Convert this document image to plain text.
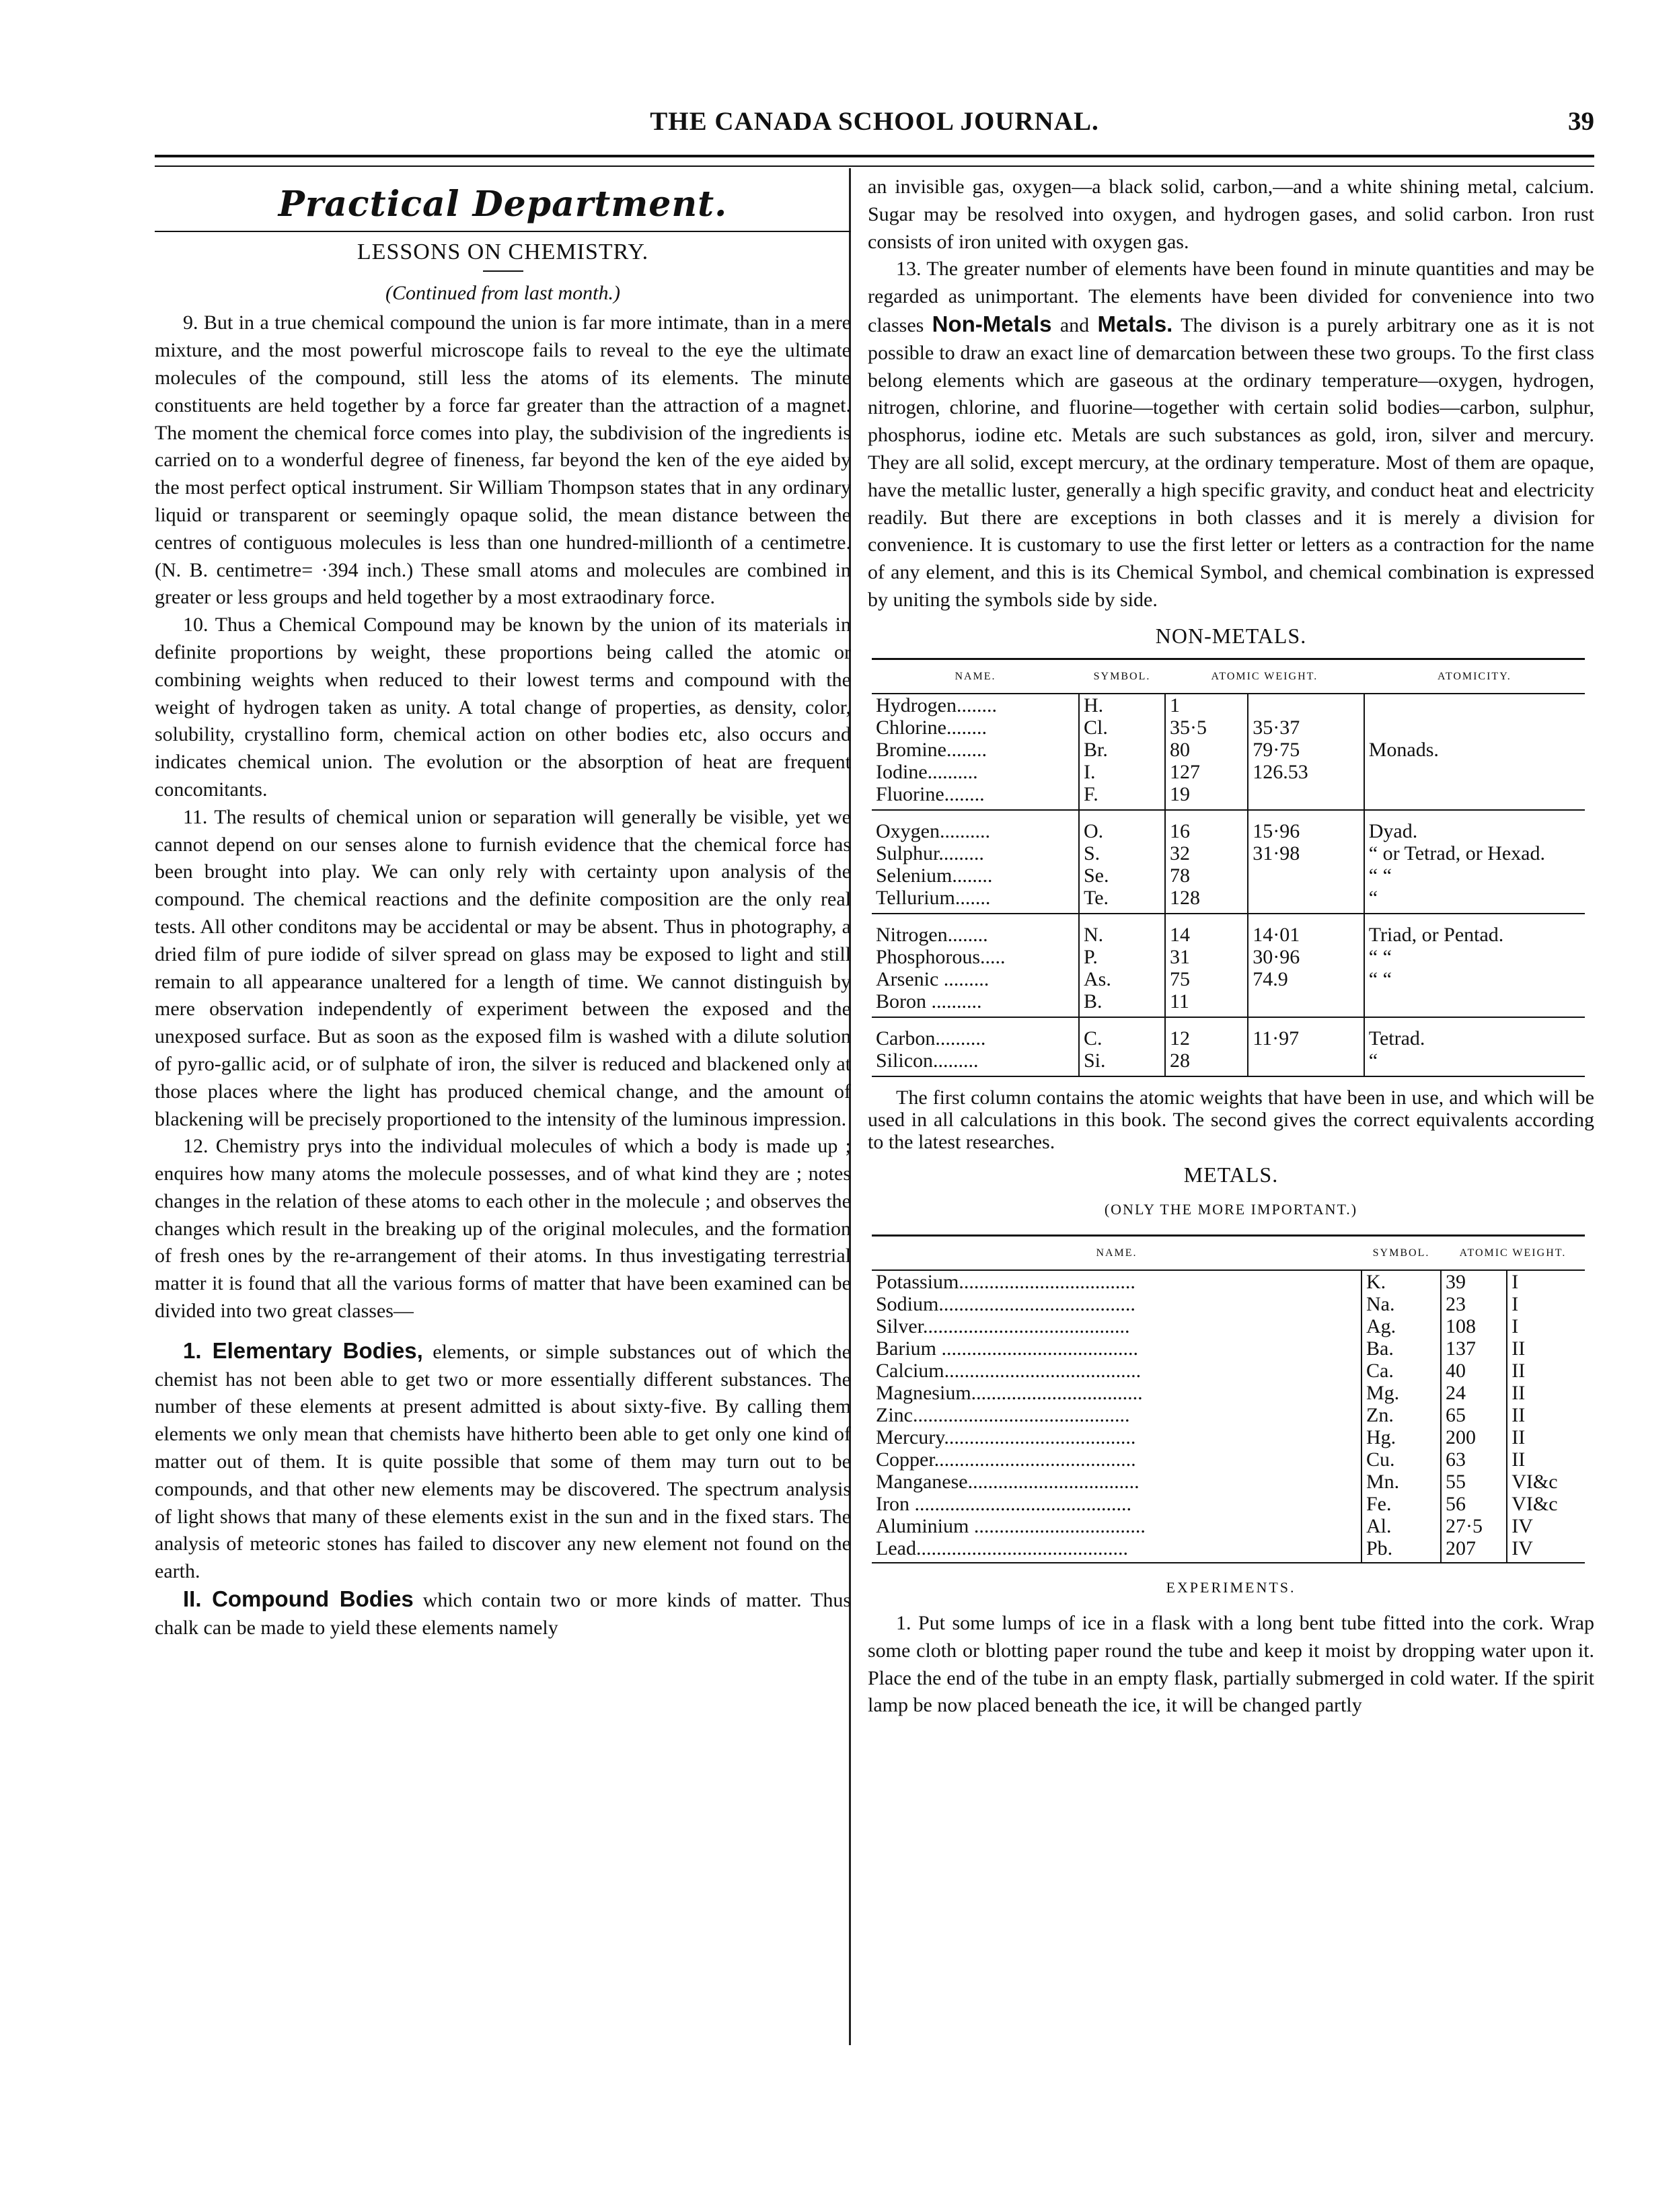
THE CANADA SCHOOL JOURNAL.	39
Practical Department.
LESSONS ON CHEMISTRY.
(Continued from last month.)

9. But in a true chemical compound the union is far more intimate, than in a mere mixture, and the most powerful microscope fails to reveal to the eye the ultimate molecules of the compound, still less the atoms of its elements. The minute constituents are held together by a force far greater than the attraction of a magnet. The moment the chemical force comes into play, the subdivision of the ingredients is carried on to a wonderful degree of fineness, far beyond the ken of the eye aided by the most perfect optical instrument. Sir William Thompson states that in any ordinary liquid or transparent or seemingly opaque solid, the mean distance between the centres of contiguous molecules is less than one hundred-millionth of a centimetre. (N. B. centimetre= ·394 inch.) These small atoms and molecules are combined in greater or less groups and held together by a most extraodinary force.

10. Thus a Chemical Compound may be known by the union of its materials in definite proportions by weight, these proportions being called the atomic or combining weights when reduced to their lowest terms and compound with the weight of hydrogen taken as unity. A total change of properties, as density, color, solubility, crystallino form, chemical action on other bodies etc, also occurs and indicates chemical union. The evolution or the absorption of heat are frequent concomitants.

11. The results of chemical union or separation will generally be visible, yet we cannot depend on our senses alone to furnish evidence that the chemical force has been brought into play. We can only rely with certainty upon analysis of the compound. The chemical reactions and the definite composition are the only real tests. All other conditons may be accidental or may be absent. Thus in photography, a dried film of pure iodide of silver spread on glass may be exposed to light and still remain to all appearance unaltered for a length of time. We cannot distinguish by mere observation independently of experiment between the exposed and the unexposed surface. But as soon as the exposed film is washed with a dilute solution of pyro-gallic acid, or of sulphate of iron, the silver is reduced and blackened only at those places where the light has produced chemical change, and the amount of blackening will be precisely proportioned to the intensity of the luminous impression.

12. Chemistry prys into the individual molecules of which a body is made up ; enquires how many atoms the molecule possesses, and of what kind they are ; notes changes in the relation of these atoms to each other in the molecule ; and observes the changes which result in the breaking up of the original molecules, and the formation of fresh ones by the re-arrangement of their atoms. In thus investigating terrestrial matter it is found that all the various forms of matter that have been examined can be divided into two great classes—

1. Elementary Bodies, elements, or simple substances out of which the chemist has not been able to get two or more essentially different substances. The number of these elements at present admitted is about sixty-five. By calling them elements we only mean that chemists have hitherto been able to get only one kind of matter out of them. It is quite possible that some of them may turn out to be compounds, and that other new elements may be discovered. The spectrum analysis of light shows that many of these elements exist in the sun and in the fixed stars. The analysis of meteoric stones has failed to discover any new element not found on the earth.

II. Compound Bodies which contain two or more kinds of matter. Thus chalk can be made to yield these elements namely

an invisible gas, oxygen—a black solid, carbon,—and a white shining metal, calcium. Sugar may be resolved into oxygen, and hydrogen gases, and solid carbon. Iron rust consists of iron united with oxygen gas.

13. The greater number of elements have been found in minute quantities and may be regarded as unimportant. The elements have been divided for convenience into two classes Non-Metals and Metals. The divison is a purely arbitrary one as it is not possible to draw an exact line of demarcation between these two groups. To the first class belong elements which are gaseous at the ordinary temperature—oxygen, hydrogen, nitrogen, chlorine, and fluorine—together with certain solid bodies—carbon, sulphur, phosphorus, iodine etc. Metals are such substances as gold, iron, silver and mercury. They are all solid, except mercury, at the ordinary temperature. Most of them are opaque, have the metallic luster, generally a high specific gravity, and conduct heat and electricity readily. But there are exceptions in both classes and it is merely a division for convenience. It is customary to use the first letter or letters as a contraction for the name of any element, and this is its Chemical Symbol, and chemical combination is expressed by uniting the symbols side by side.

NON-METALS.
NAME.	SYMBOL.	ATOMIC WEIGHT.		ATOMICITY.
Hydrogen........	H.	1		
Chlorine........	Cl.	35·5	35·37	
Bromine........	Br.	80	79·75	Monads.
Iodine..........	I.	127	126.53	
Fluorine........	F.	19		

Oxygen..........	O.	16	15·96	Dyad.
Sulphur.........	S.	32	31·98	“ or Tetrad, or Hexad.
Selenium........	Se.	78		“ “
Tellurium.......	Te.	128		“

Nitrogen........	N.	14	14·01	Triad, or Pentad.
Phosphorous.....	P.	31	30·96	“ “
Arsenic .........	As.	75	74.9	“ “
Boron ..........	B.	11		

Carbon..........	C.	12	11·97	Tetrad.
Silicon.........	Si.	28		“
The first column contains the atomic weights that have been in use, and which will be used in all calculations in this book. The second gives the correct equivalents according to the latest researches.
METALS.
(ONLY THE MORE IMPORTANT.)
NAME.	SYMBOL.	ATOMIC WEIGHT.	
Potassium...................................	K.	39	I
Sodium.......................................	Na.	23	I
Silver.........................................	Ag.	108	I
Barium .......................................	Ba.	137	II
Calcium.......................................	Ca.	40	II
Magnesium..................................	Mg.	24	II
Zinc...........................................	Zn.	65	II
Mercury......................................	Hg.	200	II
Copper........................................	Cu.	63	II
Manganese..................................	Mn.	55	VI&c
Iron ...........................................	Fe.	56	VI&c
Aluminium ..................................	Al.	27·5	IV
Lead..........................................	Pb.	207	IV
EXPERIMENTS.

1. Put some lumps of ice in a flask with a long bent tube fitted into the cork. Wrap some cloth or blotting paper round the tube and keep it moist by dropping water upon it. Place the end of the tube in an empty flask, partially submerged in cold water. If the spirit lamp be now placed beneath the ice, it will be changed partly
